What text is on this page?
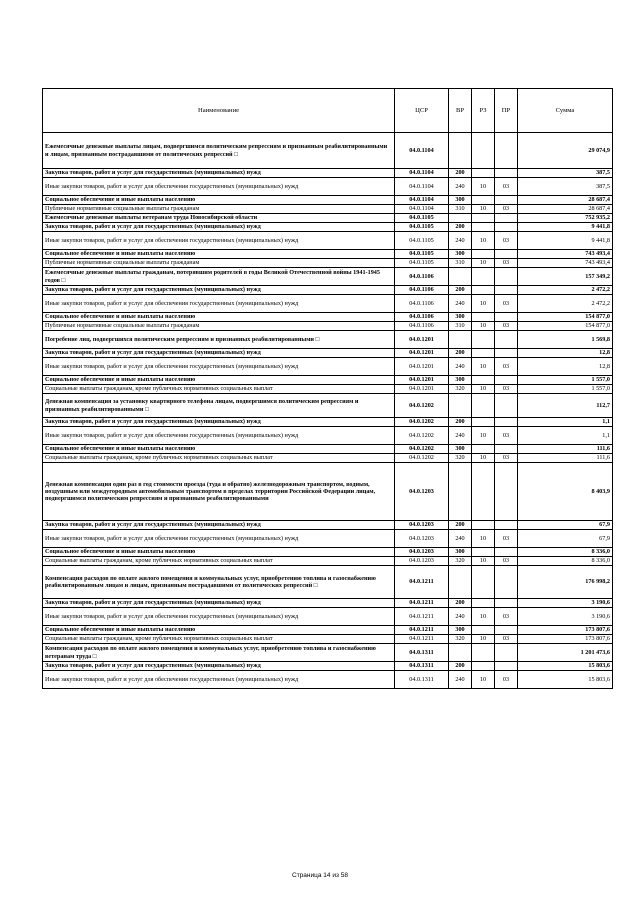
Наименование	ЦСР	ВР	РЗ	ПР	Сумма
Ежемесячные денежные выплаты лицам, подвергшимся политическим репрессиям и признанным реабилитированными и лицам, признанным пострадавшими от политических репрессий □	04.0.1104				29 074,9
Закупка товаров, работ и услуг для государственных (муниципальных) нужд	04.0.1104	200			387,5
Иные закупки товаров, работ и услуг для обеспечения государственных (муниципальных) нужд	04.0.1104	240	10	03	387,5
Социальное обеспечение и иные выплаты населению	04.0.1104	300			28 687,4
Публичные нормативные социальные выплаты гражданам	04.0.1104	310	10	03	28 687,4
Ежемесячные денежные выплаты ветеранам труда Новосибирской области	04.0.1105				752 935,2
Закупка товаров, работ и услуг для государственных (муниципальных) нужд	04.0.1105	200			9 441,8
Иные закупки товаров, работ и услуг для обеспечения государственных (муниципальных) нужд	04.0.1105	240	10	03	9 441,8
Социальное обеспечение и иные выплаты населению	04.0.1105	300			743 493,4
Публичные нормативные социальные выплаты гражданам	04.0.1105	310	10	03	743 493,4
Ежемесячные денежные выплаты гражданам, потерявшим родителей в годы Великой Отечественной войны 1941-1945 годов □	04.0.1106				157 349,2
Закупка товаров, работ и услуг для государственных (муниципальных) нужд	04.0.1106	200			2 472,2
Иные закупки товаров, работ и услуг для обеспечения государственных (муниципальных) нужд	04.0.1106	240	10	03	2 472,2
Социальное обеспечение и иные выплаты населению	04.0.1106	300			154 877,0
Публичные нормативные социальные выплаты гражданам	04.0.1106	310	10	03	154 877,0
Погребение лиц, подвергшихся политическим репрессиям и признанных реабилитированными □	04.0.1201				1 569,8
Закупка товаров, работ и услуг для государственных (муниципальных) нужд	04.0.1201	200			12,8
Иные закупки товаров, работ и услуг для обеспечения государственных (муниципальных) нужд	04.0.1201	240	10	03	12,8
Социальное обеспечение и иные выплаты населению	04.0.1201	300			1 557,0
Социальные выплаты гражданам, кроме публичных нормативных социальных выплат	04.0.1201	320	10	03	1 557,0
Денежная компенсация за установку квартирного телефона лицам, подвергшимся политическим репрессиям и признанных реабилитированными □	04.0.1202				112,7
Закупка товаров, работ и услуг для государственных (муниципальных) нужд	04.0.1202	200			1,1
Иные закупки товаров, работ и услуг для обеспечения государственных (муниципальных) нужд	04.0.1202	240	10	03	1,1
Социальное обеспечение и иные выплаты населению	04.0.1202	300			111,6
Социальные выплаты гражданам, кроме публичных нормативных социальных выплат	04.0.1202	320	10	03	111,6
Денежная компенсация один раз в год стоимости проезда (туда и обратно) железнодорожным транспортом, водным, воздушным или междугородным автомобильным транспортом в пределах территории Российской Федерации лицам, подвергшимся политическим репрессиям и признанным реабилитированными	04.0.1203				8 403,9
Закупка товаров, работ и услуг для государственных (муниципальных) нужд	04.0.1203	200			67,9
Иные закупки товаров, работ и услуг для обеспечения государственных (муниципальных) нужд	04.0.1203	240	10	03	67,9
Социальное обеспечение и иные выплаты населению	04.0.1203	300			8 336,0
Социальные выплаты гражданам, кроме публичных нормативных социальных выплат	04.0.1203	320	10	03	8 336,0
Компенсация расходов по оплате жилого помещения и коммунальных услуг, приобретению топлива и газоснабжению реабилитированным лицам и лицам, признанным пострадавшими от политических репрессий □	04.0.1211				176 998,2
Закупка товаров, работ и услуг для государственных (муниципальных) нужд	04.0.1211	200			3 190,6
Иные закупки товаров, работ и услуг для обеспечения государственных (муниципальных) нужд	04.0.1211	240	10	03	3 190,6
Социальное обеспечение и иные выплаты населению	04.0.1211	300			173 807,6
Социальные выплаты гражданам, кроме публичных нормативных социальных выплат	04.0.1211	320	10	03	173 807,6
Компенсация расходов по оплате жилого помещения и коммунальных услуг, приобретению топлива и газоснабжению ветеранам труда □	04.0.1311				1 201 473,6
Закупка товаров, работ и услуг для государственных (муниципальных) нужд	04.0.1311	200			15 803,6
Иные закупки товаров, работ и услуг для обеспечения государственных (муниципальных) нужд	04.0.1311	240	10	03	15 803,6
Страница 14 из 58
